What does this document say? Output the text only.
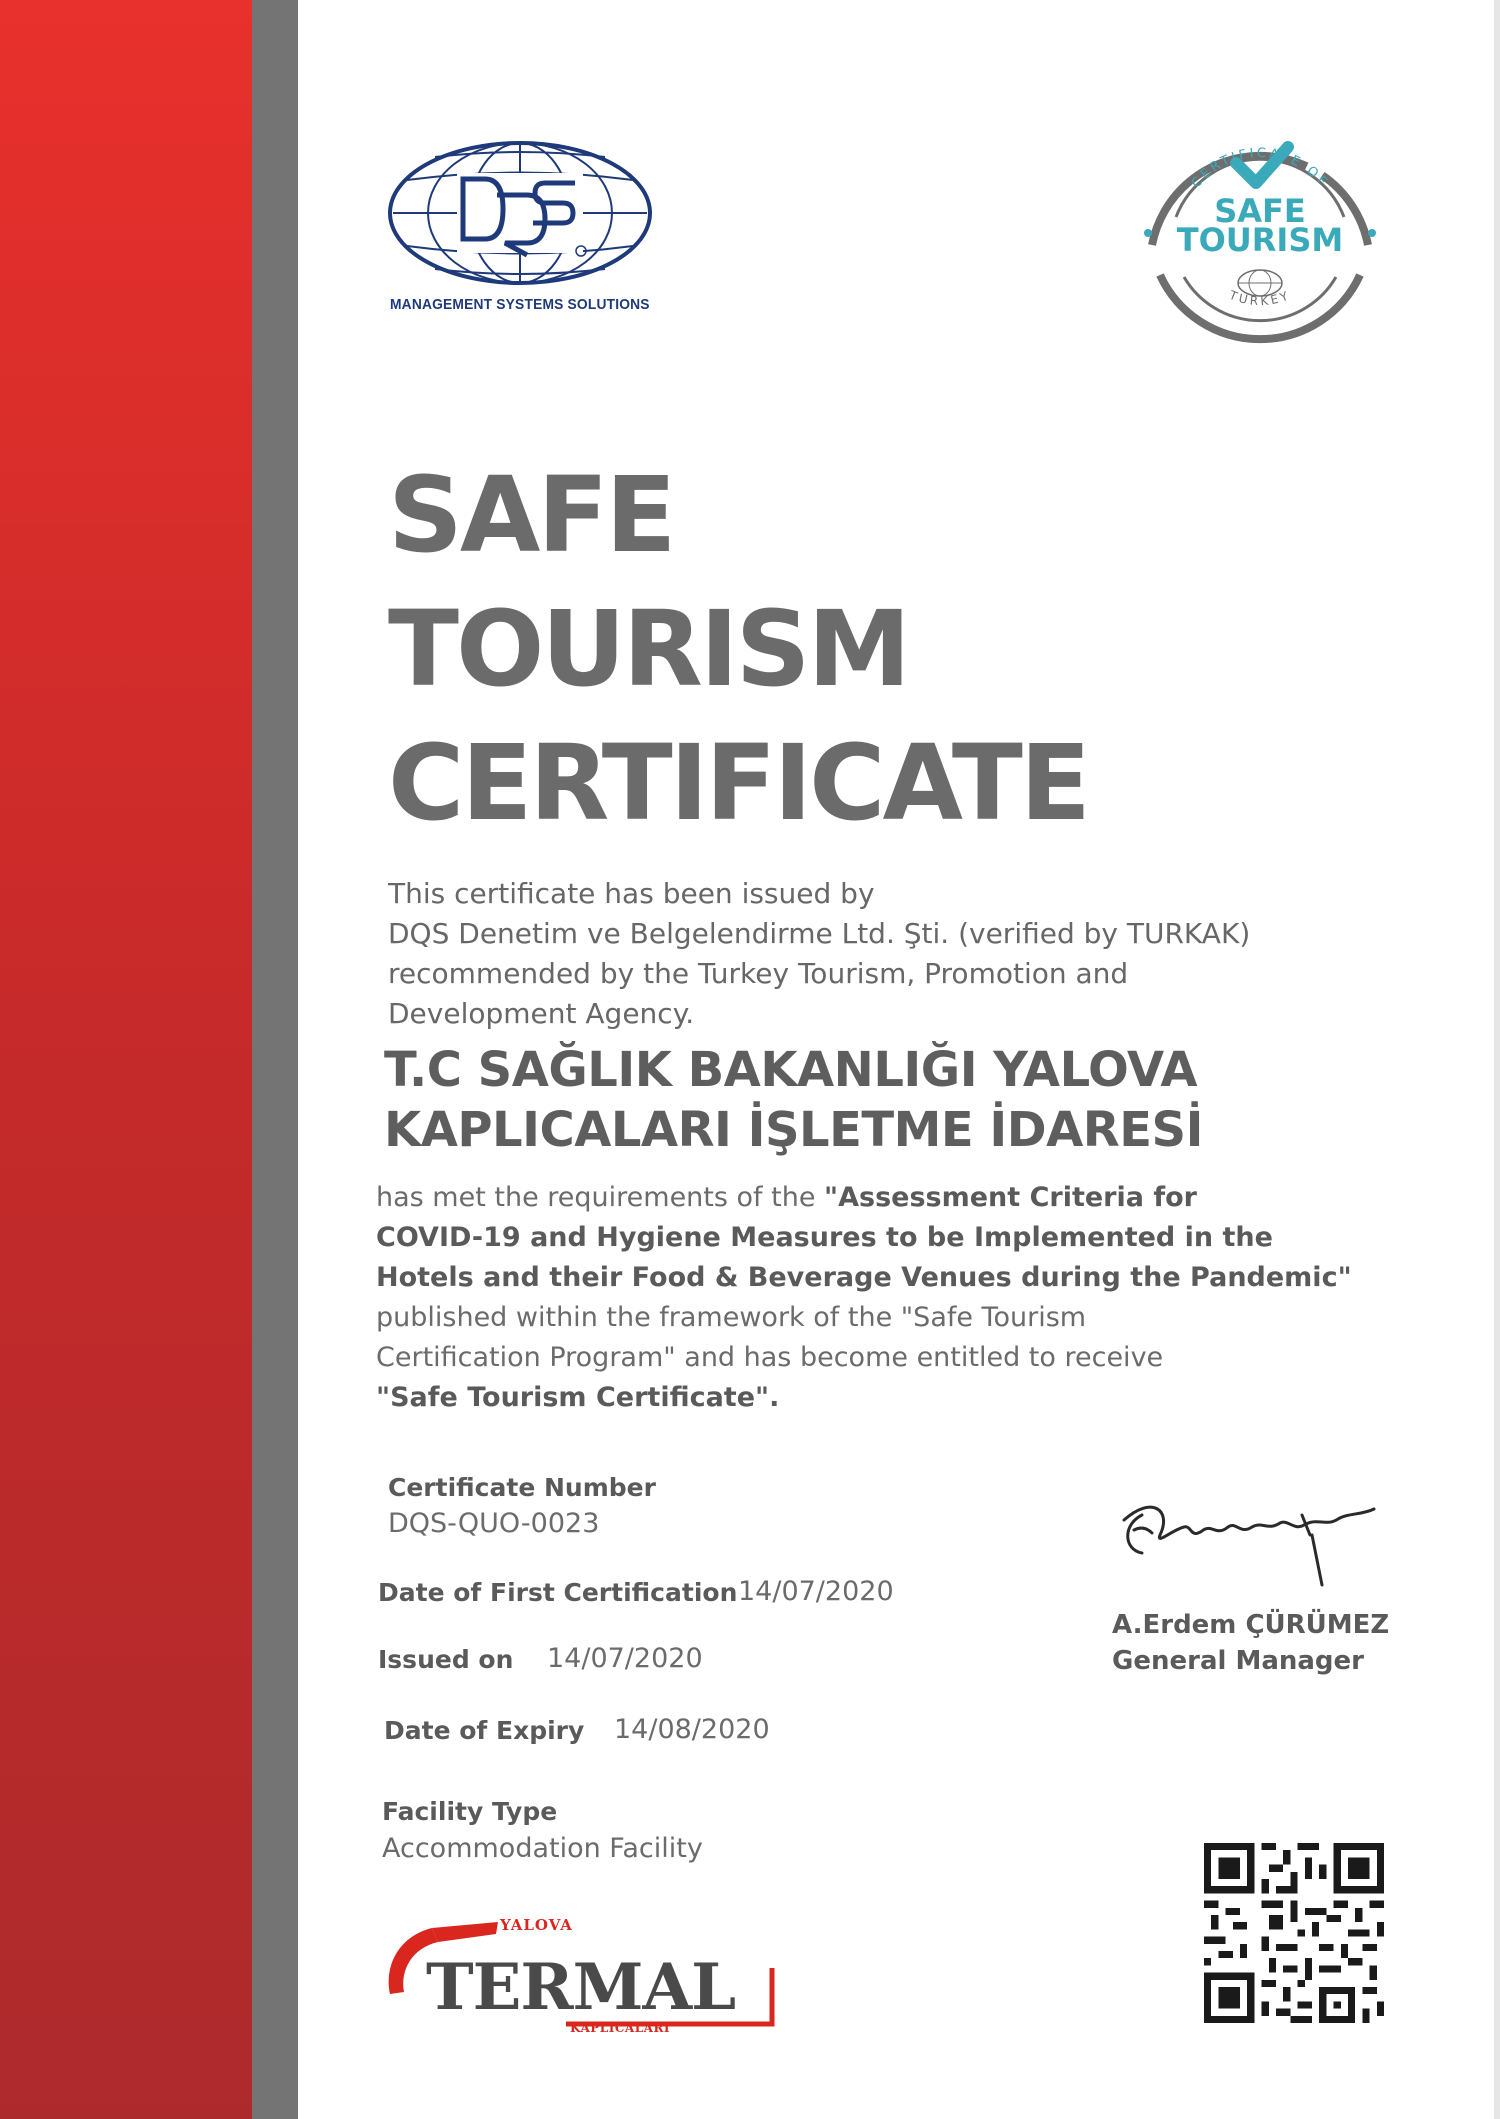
MANAGEMENT SYSTEMS SOLUTIONS
CERTIFICATE OF
TURKEY
SAFE
TOURISM
SAFE
TOURISM
CERTIFICATE
This certificate has been issued by
DQS Denetim ve Belgelendirme Ltd. Şti. (verified by TURKAK)
recommended by the Turkey Tourism, Promotion and
Development Agency.
T.C SAĞLIK BAKANLIĞI YALOVA
KAPLICALARI İŞLETME İDARESİ
has met the requirements of the "Assessment Criteria for
COVID-19 and Hygiene Measures to be Implemented in the
Hotels and their Food & Beverage Venues during the Pandemic"
published within the framework of the "Safe Tourism
Certification Program" and has become entitled to receive
"Safe Tourism Certificate".
Certificate Number
DQS-QUO-0023
Date of First Certification 14/07/2020
Issued on 14/07/2020
Date of Expiry 14/08/2020
Facility Type
Accommodation Facility
A.Erdem ÇÜRÜMEZ
General Manager
YALOVA
TERMAL
KAPLICALARI
